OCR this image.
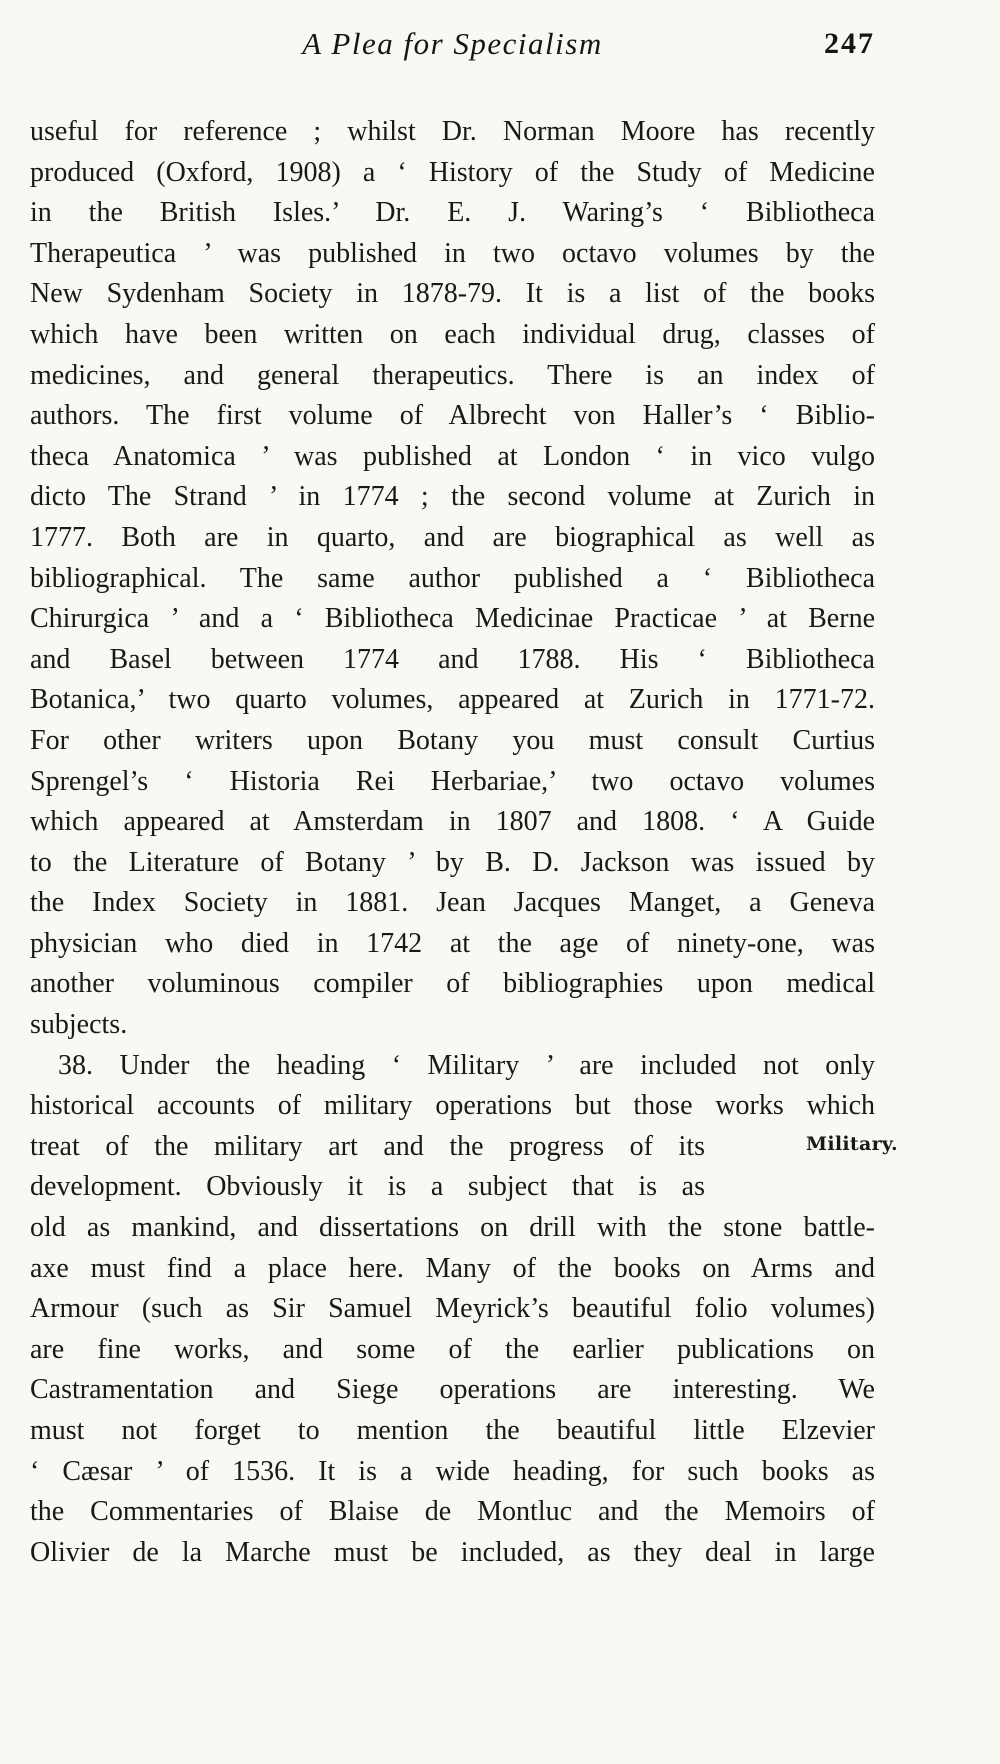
A Plea for Specialism	247
useful for reference ; whilst Dr. Norman Moore has recently
produced (Oxford, 1908) a ‘ History of the Study of Medicine
in the British Isles.’ Dr. E. J. Waring’s ‘ Bibliotheca
Therapeutica ’ was published in two octavo volumes by the
New Sydenham Society in 1878-79. It is a list of the books
which have been written on each individual drug, classes of
medicines, and general therapeutics. There is an index of
authors. The first volume of Albrecht von Haller’s ‘ Biblio-
theca Anatomica ’ was published at London ‘ in vico vulgo
dicto The Strand ’ in 1774 ; the second volume at Zurich in
1777. Both are in quarto, and are biographical as well as
bibliographical. The same author published a ‘ Bibliotheca
Chirurgica ’ and a ‘ Bibliotheca Medicinae Practicae ’ at Berne
and Basel between 1774 and 1788. His ‘ Bibliotheca
Botanica,’ two quarto volumes, appeared at Zurich in 1771-72.
For other writers upon Botany you must consult Curtius
Sprengel’s ‘ Historia Rei Herbariae,’ two octavo volumes
which appeared at Amsterdam in 1807 and 1808. ‘ A Guide
to the Literature of Botany ’ by B. D. Jackson was issued by
the Index Society in 1881. Jean Jacques Manget, a Geneva
physician who died in 1742 at the age of ninety-one, was
another voluminous compiler of bibliographies upon medical
subjects.
38. Under the heading ‘ Military ’ are included not only
historical accounts of military operations but those works which
treat of the military art and the progress of its
development. Obviously it is a subject that is as
old as mankind, and dissertations on drill with the stone battle-
axe must find a place here. Many of the books on Arms and
Armour (such as Sir Samuel Meyrick’s beautiful folio volumes)
are fine works, and some of the earlier publications on
Castramentation and Siege operations are interesting. We
must not forget to mention the beautiful little Elzevier
‘ Cæsar ’ of 1536. It is a wide heading, for such books as
the Commentaries of Blaise de Montluc and the Memoirs of
Olivier de la Marche must be included, as they deal in large
Military.
